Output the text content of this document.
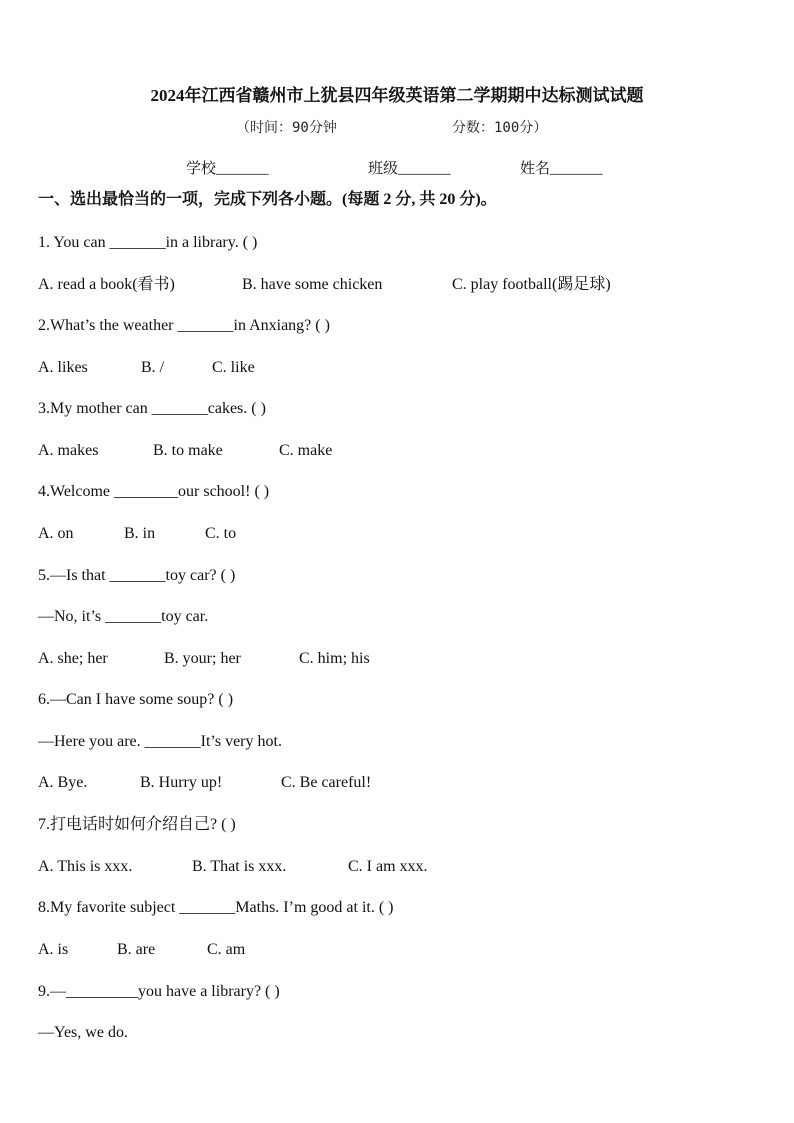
2024年江西省赣州市上犹县四年级英语第二学期期中达标测试试题
（时间：90分钟	分数：100分）
学校_______	班级_______	姓名_______
一、选出最恰当的一项，完成下列各小题。(每题 2 分, 共 20 分)。
1. You can _______in a library. ( )
A. read a book(看书)	B. have some chicken	C. play football(踢足球)
2.What’s the weather _______in Anxiang? ( )
A. likes	B. /	C. like
3.My mother can _______cakes. ( )
A. makes	B. to make	C. make
4.Welcome ________our school! ( )
A. on	B. in	C. to
5.—Is that _______toy car? ( )
—No, it’s _______toy car.
A. she; her	B. your; her	C. him; his
6.—Can I have some soup? ( )
—Here you are. _______It’s very hot.
A. Bye.	B. Hurry up!	C. Be careful!
7.打电话时如何介绍自己? ( )
A. This is xxx.	B. That is xxx.	C. I am xxx.
8.My favorite subject _______Maths. I’m good at it. ( )
A. is	B. are	C. am
9.—_________you have a library? ( )
—Yes, we do.
